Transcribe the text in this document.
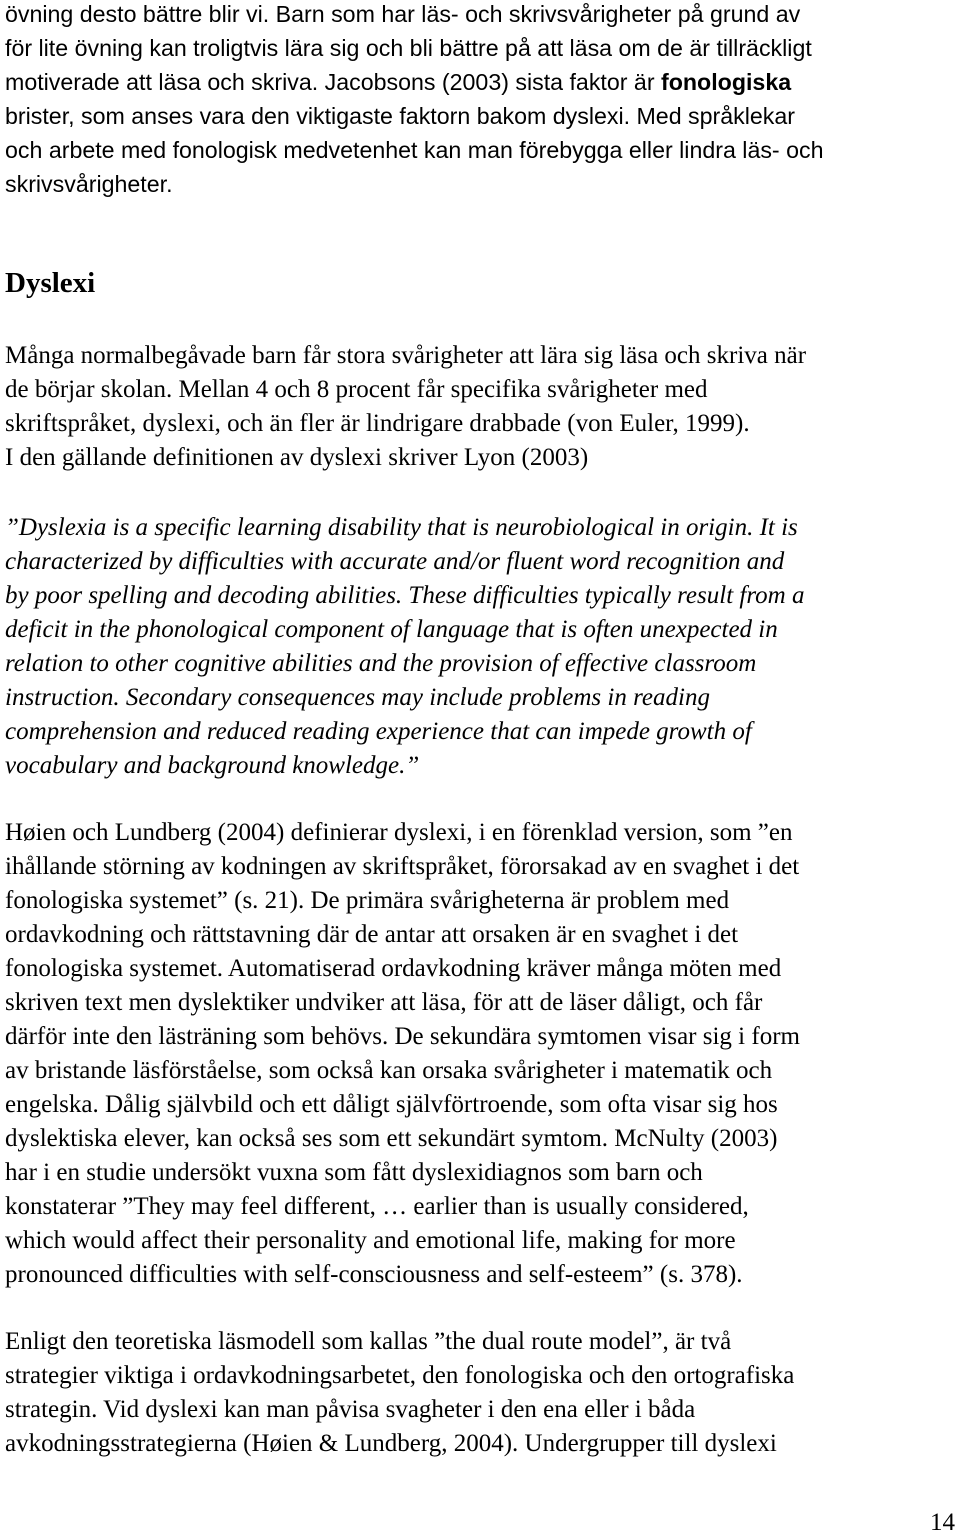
övning desto bättre blir vi. Barn som har läs- och skrivsvårigheter på grund av
för lite övning kan troligtvis lära sig och bli bättre på att läsa om de är tillräckligt
motiverade att läsa och skriva. Jacobsons (2003) sista faktor är fonologiska
brister, som anses vara den viktigaste faktorn bakom dyslexi. Med språklekar
och arbete med fonologisk medvetenhet kan man förebygga eller lindra läs- och
skrivsvårigheter.
Dyslexi
Många normalbegåvade barn får stora svårigheter att lära sig läsa och skriva när
de börjar skolan. Mellan 4 och 8 procent får specifika svårigheter med
skriftspråket, dyslexi, och än fler är lindrigare drabbade (von Euler, 1999).
I den gällande definitionen av dyslexi skriver Lyon (2003)
”Dyslexia is a specific learning disability that is neurobiological in origin. It is
characterized by difficulties with accurate and/or fluent word recognition and
by poor spelling and decoding abilities. These difficulties typically result from a
deficit in the phonological component of language that is often unexpected in
relation to other cognitive abilities and the provision of effective classroom
instruction. Secondary consequences may include problems in reading
comprehension and reduced reading experience that can impede growth of
vocabulary and background knowledge.”
Høien och Lundberg (2004) definierar dyslexi, i en förenklad version, som ”en
ihållande störning av kodningen av skriftspråket, förorsakad av en svaghet i det
fonologiska systemet” (s. 21). De primära svårigheterna är problem med
ordavkodning och rättstavning där de antar att orsaken är en svaghet i det
fonologiska systemet. Automatiserad ordavkodning kräver många möten med
skriven text men dyslektiker undviker att läsa, för att de läser dåligt, och får
därför inte den lästräning som behövs. De sekundära symtomen visar sig i form
av bristande läsförståelse, som också kan orsaka svårigheter i matematik och
engelska. Dålig självbild och ett dåligt självförtroende, som ofta visar sig hos
dyslektiska elever, kan också ses som ett sekundärt symtom. McNulty (2003)
har i en studie undersökt vuxna som fått dyslexidiagnos som barn och
konstaterar ”They may feel different, … earlier than is usually considered,
which would affect their personality and emotional life, making for more
pronounced difficulties with self-consciousness and self-esteem” (s. 378).
Enligt den teoretiska läsmodell som kallas ”the dual route model”, är två
strategier viktiga i ordavkodningsarbetet, den fonologiska och den ortografiska
strategin. Vid dyslexi kan man påvisa svagheter i den ena eller i båda
avkodningsstrategierna (Høien & Lundberg, 2004). Undergrupper till dyslexi
14
